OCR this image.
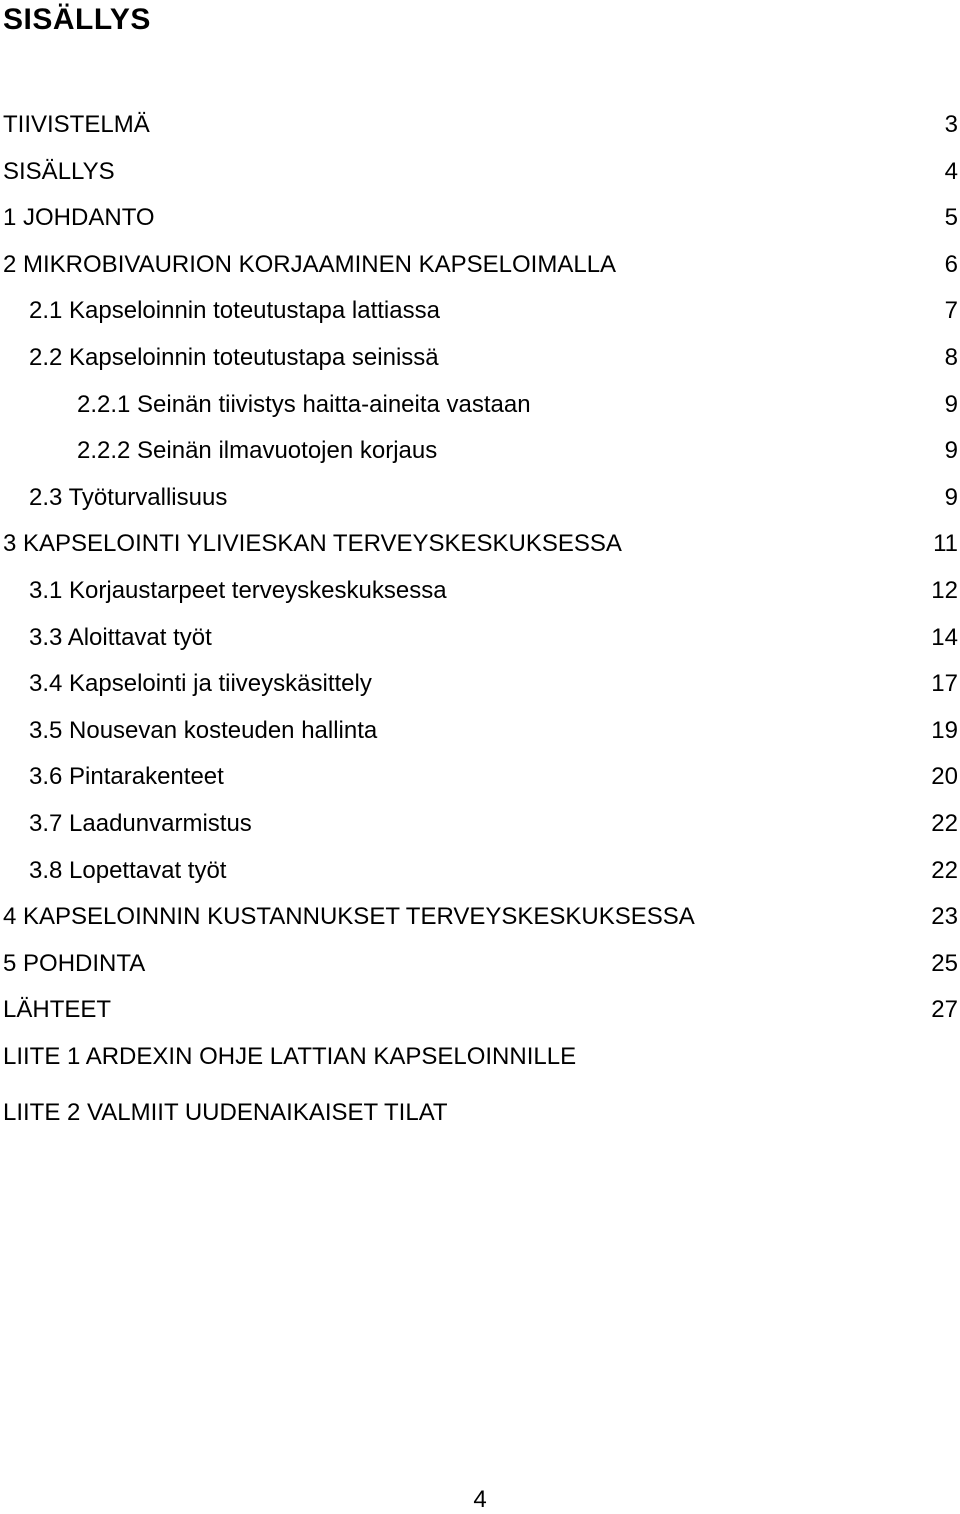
SISÄLLYS
TIIVISTELMÄ	3
SISÄLLYS	4
1 JOHDANTO	5
2 MIKROBIVAURION KORJAAMINEN KAPSELOIMALLA	6
2.1 Kapseloinnin toteutustapa lattiassa	7
2.2 Kapseloinnin toteutustapa seinissä	8
2.2.1 Seinän tiivistys haitta-aineita vastaan	9
2.2.2 Seinän ilmavuotojen korjaus	9
2.3 Työturvallisuus	9
3 KAPSELOINTI YLIVIESKAN TERVEYSKESKUKSESSA	11
3.1 Korjaustarpeet terveyskeskuksessa	12
3.3 Aloittavat työt	14
3.4 Kapselointi ja tiiveyskäsittely	17
3.5 Nousevan kosteuden hallinta	19
3.6 Pintarakenteet	20
3.7 Laadunvarmistus	22
3.8 Lopettavat työt	22
4 KAPSELOINNIN KUSTANNUKSET TERVEYSKESKUKSESSA	23
5 POHDINTA	25
LÄHTEET	27
LIITE 1 ARDEXIN OHJE LATTIAN KAPSELOINNILLE
LIITE 2 VALMIIT UUDENAIKAISET TILAT
4
